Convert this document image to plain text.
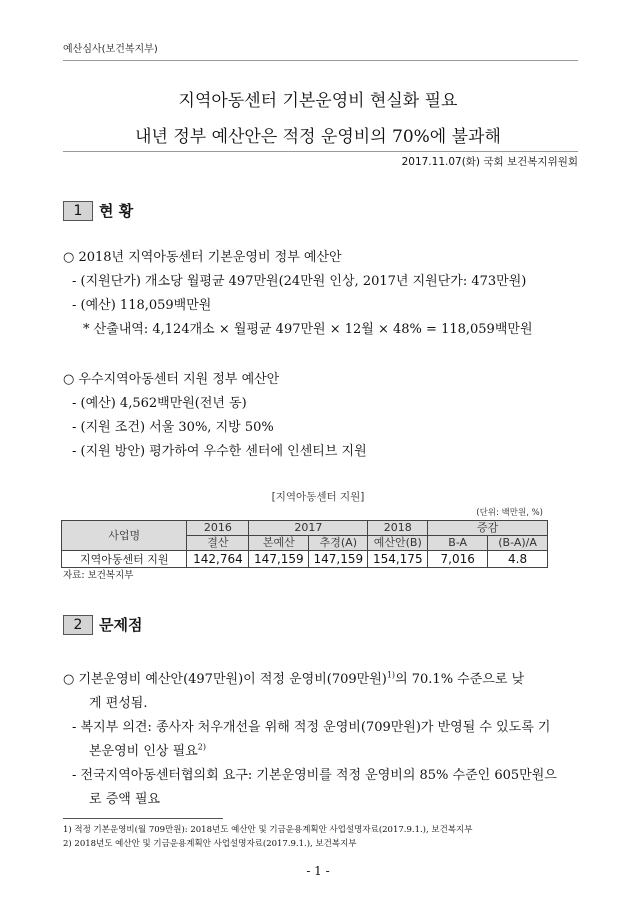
예산심사(보건복지부)
지역아동센터 기본운영비 현실화 필요
내년 정부 예산안은 적정 운영비의 70%에 불과해
2017.11.07(화) 국회 보건복지위원회
1	현 황
○ 2018년 지역아동센터 기본운영비 정부 예산안
- (지원단가) 개소당 월평균 497만원(24만원 인상, 2017년 지원단가: 473만원)
- (예산) 118,059백만원
* 산출내역: 4,124개소 × 월평균 497만원 × 12월 × 48% = 118,059백만원
○ 우수지역아동센터 지원 정부 예산안
- (예산) 4,562백만원(전년 동)
- (지원 조건) 서울 30%, 지방 50%
- (지원 방안) 평가하여 우수한 센터에 인센티브 지원
[지역아동센터 지원]
(단위: 백만원, %)
사업명	2016	2017		2018	증감	
	결산	본예산	추경(A)	예산안(B)	B-A	(B-A)/A
지역아동센터 지원	142,764	147,159	147,159	154,175	7,016	4.8
자료: 보건복지부
2	문제점
○ 기본운영비 예산안(497만원)이 적정 운영비(709만원)$^{1)}$의 70.1% 수준으로 낮
게 편성됨.
- 복지부 의견: 종사자 처우개선을 위해 적정 운영비(709만원)가 반영될 수 있도록 기
본운영비 인상 필요$^{2)}$
- 전국지역아동센터협의회 요구: 기본운영비를 적정 운영비의 85% 수준인 605만원으
로 증액 필요
1) 적정 기본운영비(월 709만원): 2018년도 예산안 및 기금운용계획안 사업설명자료(2017.9.1.), 보건복지부
2) 2018년도 예산안 및 기금운용계획안 사업설명자료(2017.9.1.), 보건복지부
- 1 -
